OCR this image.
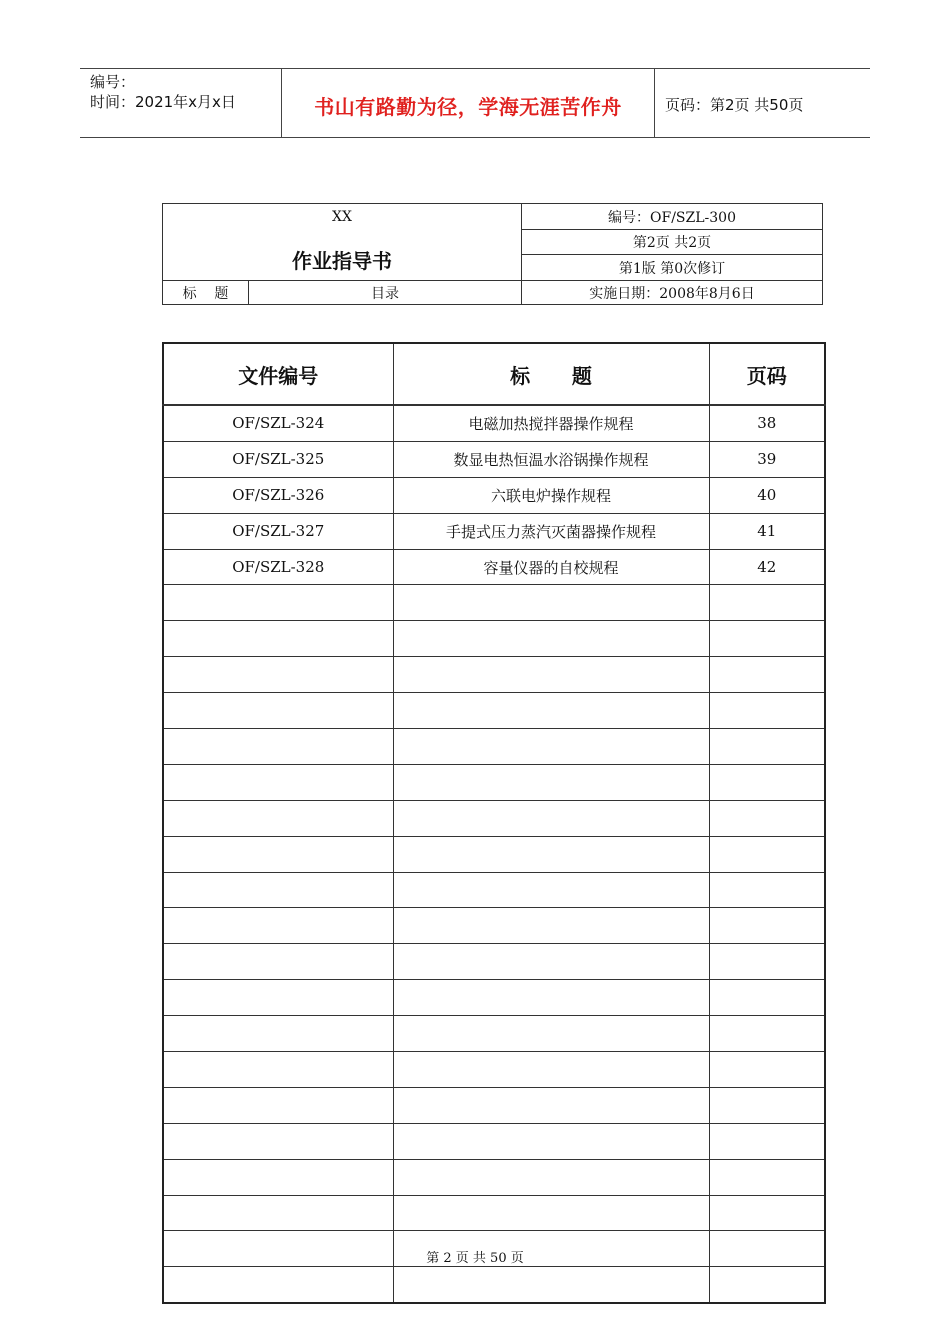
编号：
时间：2021年x月x日	书山有路勤为径，学海无涯苦作舟	页码：第2页 共50页
XX
作业指导书
编号：OF/SZL-300
第2页 共2页
第1版 第0次修订
标    题	目录	实施日期：2008年8月6日
文件编号	标      题	页码
OF/SZL-324	电磁加热搅拌器操作规程	38
OF/SZL-325	数显电热恒温水浴锅操作规程	39
OF/SZL-326	六联电炉操作规程	40
OF/SZL-327	手提式压力蒸汽灭菌器操作规程	41
OF/SZL-328	容量仪器的自校规程	42

第 2 页 共 50 页
